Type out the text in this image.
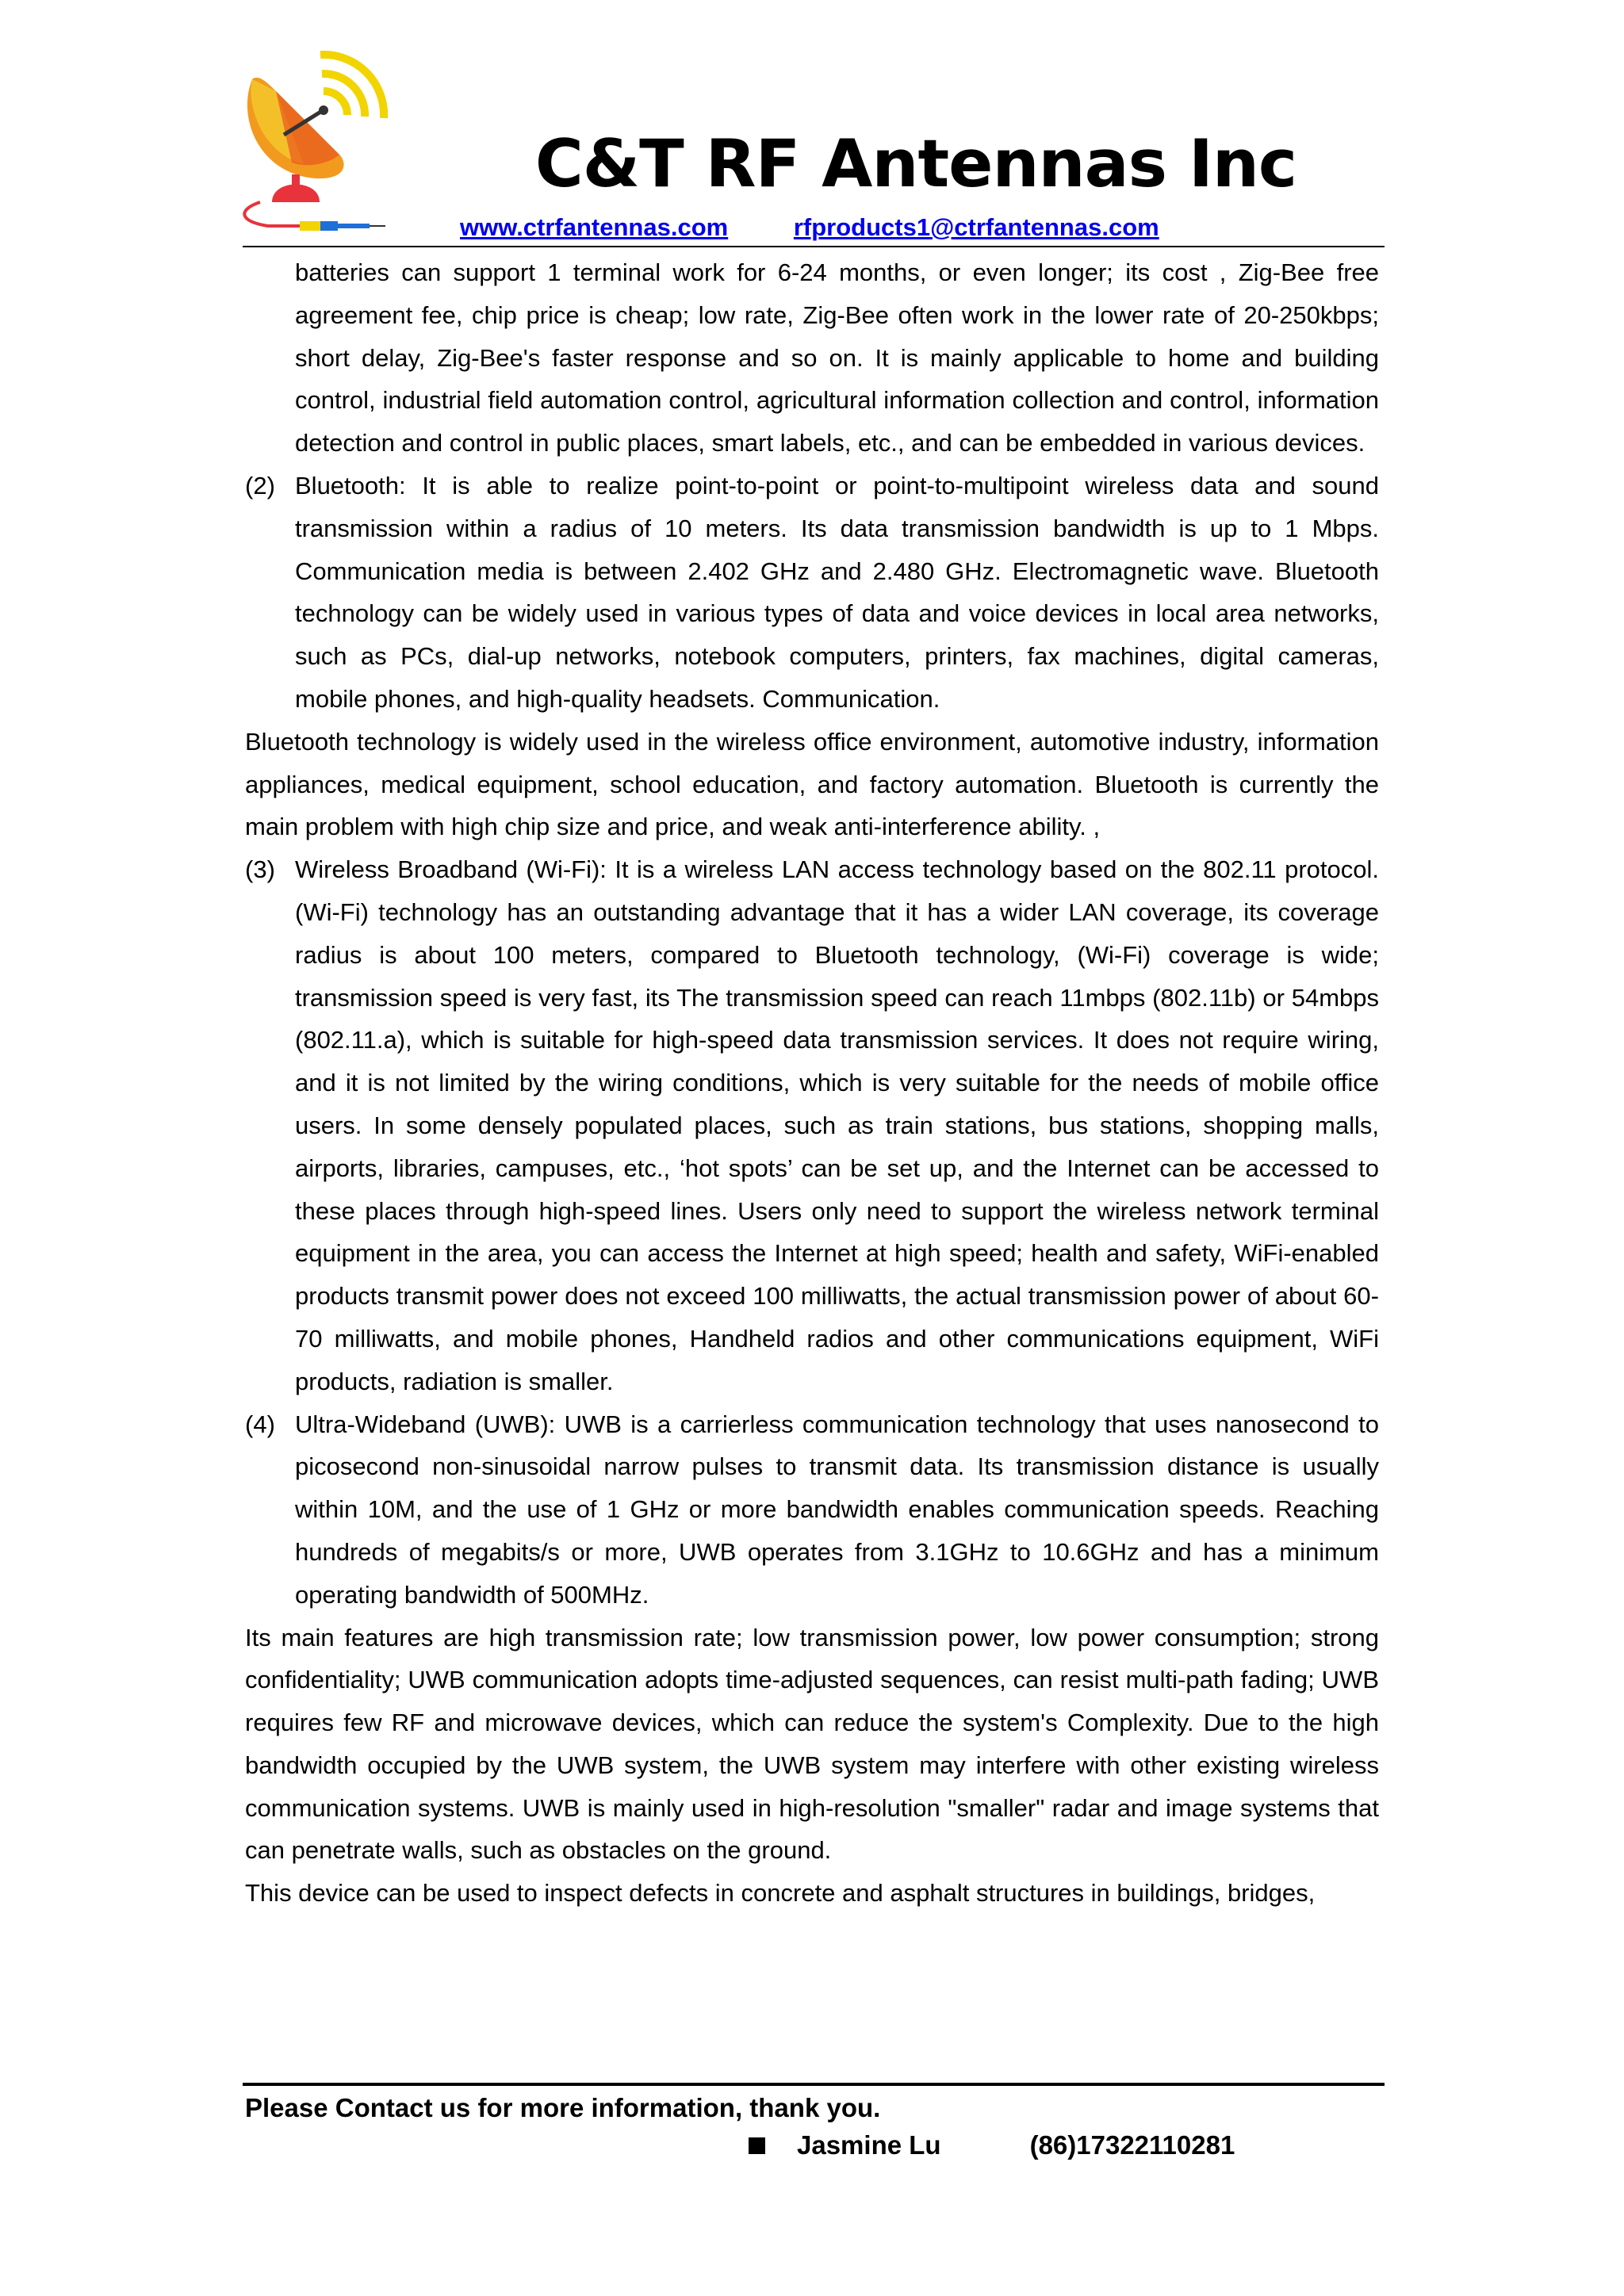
C&T RF Antennas Inc
www.ctrfantennas.com	rfproducts1@ctrfantennas.com

batteries can support 1 terminal work for 6-24 months, or even longer; its cost , Zig-Bee free agreement fee, chip price is cheap; low rate, Zig-Bee often work in the lower rate of 20-250kbps; short delay, Zig-Bee's faster response and so on. It is mainly applicable to home and building control, industrial field automation control, agricultural information collection and control, information detection and control in public places, smart labels, etc., and can be embedded in various devices.

(2) Bluetooth: It is able to realize point-to-point or point-to-multipoint wireless data and sound transmission within a radius of 10 meters. Its data transmission bandwidth is up to 1 Mbps. Communication media is between 2.402 GHz and 2.480 GHz. Electromagnetic wave. Bluetooth technology can be widely used in various types of data and voice devices in local area networks, such as PCs, dial-up networks, notebook computers, printers, fax machines, digital cameras, mobile phones, and high-quality headsets. Communication.

Bluetooth technology is widely used in the wireless office environment, automotive industry, information appliances, medical equipment, school education, and factory automation. Bluetooth is currently the main problem with high chip size and price, and weak anti-interference ability. ,

(3) Wireless Broadband (Wi-Fi): It is a wireless LAN access technology based on the 802.11 protocol. (Wi-Fi) technology has an outstanding advantage that it has a wider LAN coverage, its coverage radius is about 100 meters, compared to Bluetooth technology, (Wi-Fi) coverage is wide; transmission speed is very fast, its The transmission speed can reach 11mbps (802.11b) or 54mbps (802.11.a), which is suitable for high-speed data transmission services. It does not require wiring, and it is not limited by the wiring conditions, which is very suitable for the needs of mobile office users. In some densely populated places, such as train stations, bus stations, shopping malls, airports, libraries, campuses, etc., ‘hot spots’ can be set up, and the Internet can be accessed to these places through high-speed lines. Users only need to support the wireless network terminal equipment in the area, you can access the Internet at high speed; health and safety, WiFi-enabled products transmit power does not exceed 100 milliwatts, the actual transmission power of about 60-70 milliwatts, and mobile phones, Handheld radios and other communications equipment, WiFi products, radiation is smaller.

(4) Ultra-Wideband (UWB): UWB is a carrierless communication technology that uses nanosecond to picosecond non-sinusoidal narrow pulses to transmit data. Its transmission distance is usually within 10M, and the use of 1 GHz or more bandwidth enables communication speeds. Reaching hundreds of megabits/s or more, UWB operates from 3.1GHz to 10.6GHz and has a minimum operating bandwidth of 500MHz.

Its main features are high transmission rate; low transmission power, low power consumption; strong confidentiality; UWB communication adopts time-adjusted sequences, can resist multi-path fading; UWB requires few RF and microwave devices, which can reduce the system's Complexity. Due to the high bandwidth occupied by the UWB system, the UWB system may interfere with other existing wireless communication systems. UWB is mainly used in high-resolution "smaller" radar and image systems that can penetrate walls, such as obstacles on the ground.

This device can be used to inspect defects in concrete and asphalt structures in buildings, bridges,

Please Contact us for more information, thank you.
Jasmine Lu	(86)17322110281
